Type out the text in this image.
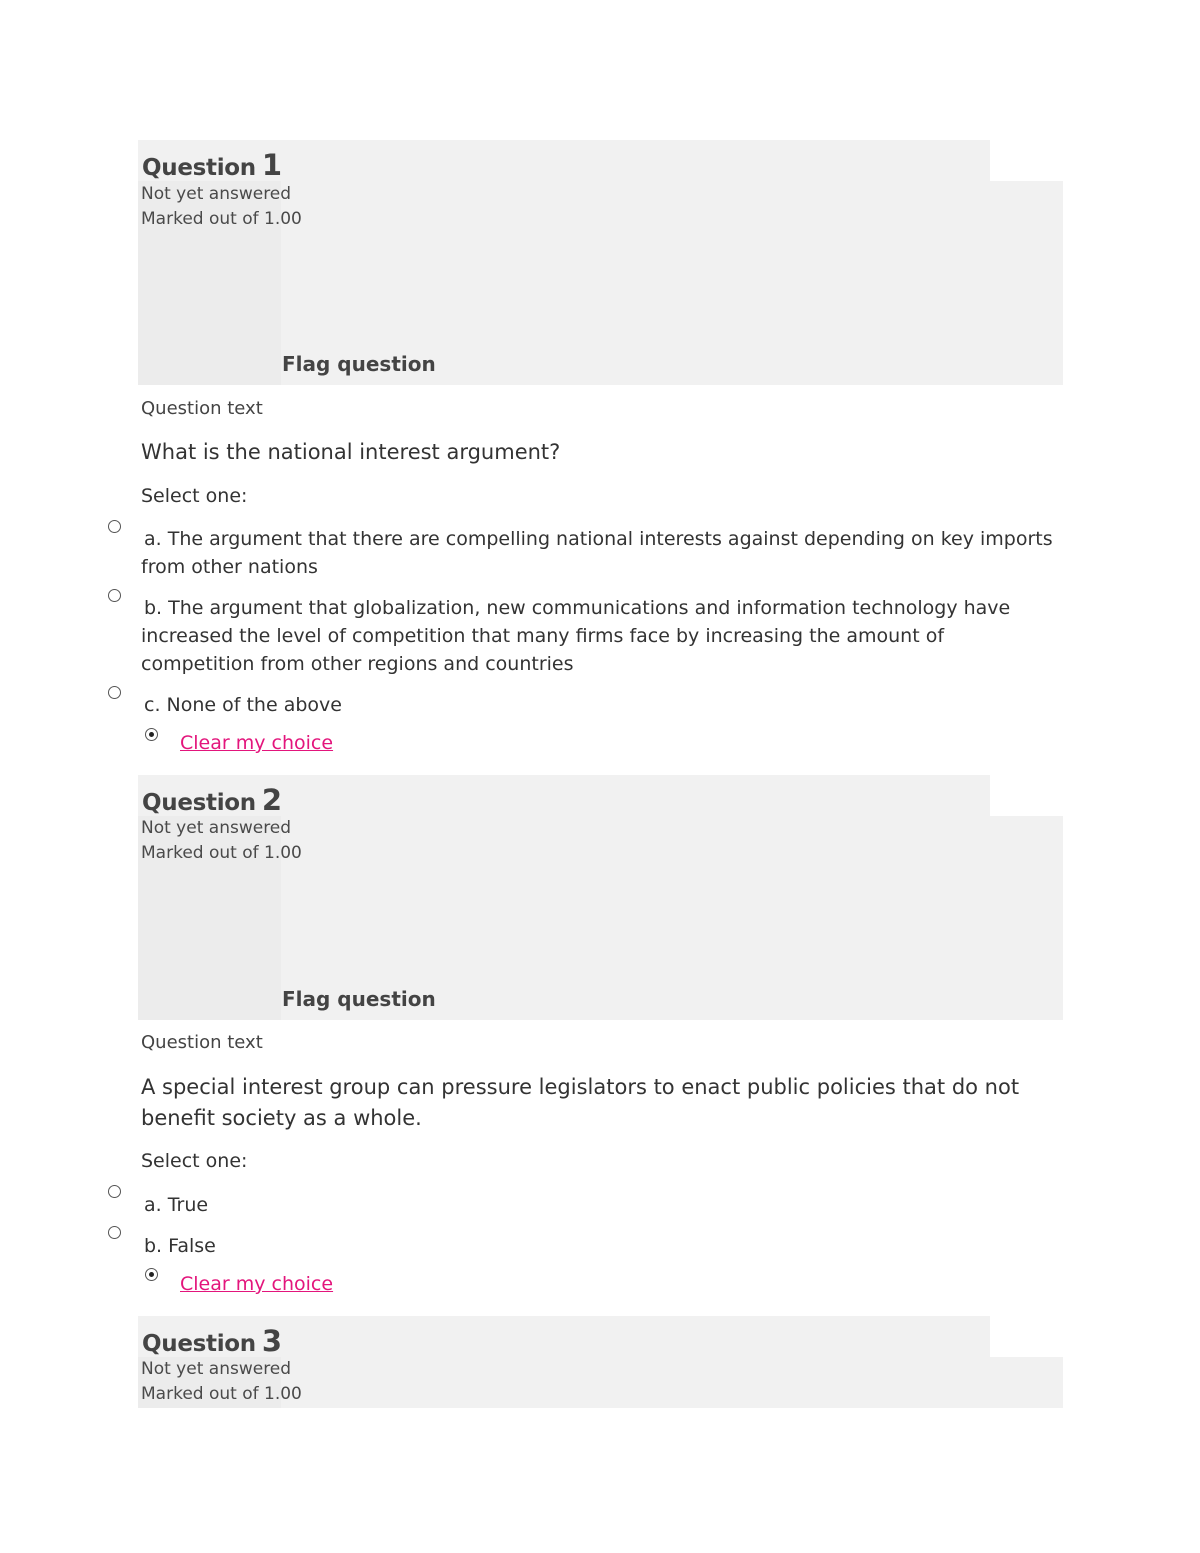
Question 1
Not yet answered
Marked out of 1.00
Flag question
Question text
What is the national interest argument?
Select one:
a. The argument that there are compelling national interests against depending on key imports from other nations
b. The argument that globalization, new communications and information technology have increased the level of competition that many firms face by increasing the amount of competition from other regions and countries
c. None of the above
Clear my choice
Question 2
Not yet answered
Marked out of 1.00
Flag question
Question text
A special interest group can pressure legislators to enact public policies that do not benefit society as a whole.
Select one:
a. True
b. False
Clear my choice
Question 3
Not yet answered
Marked out of 1.00
